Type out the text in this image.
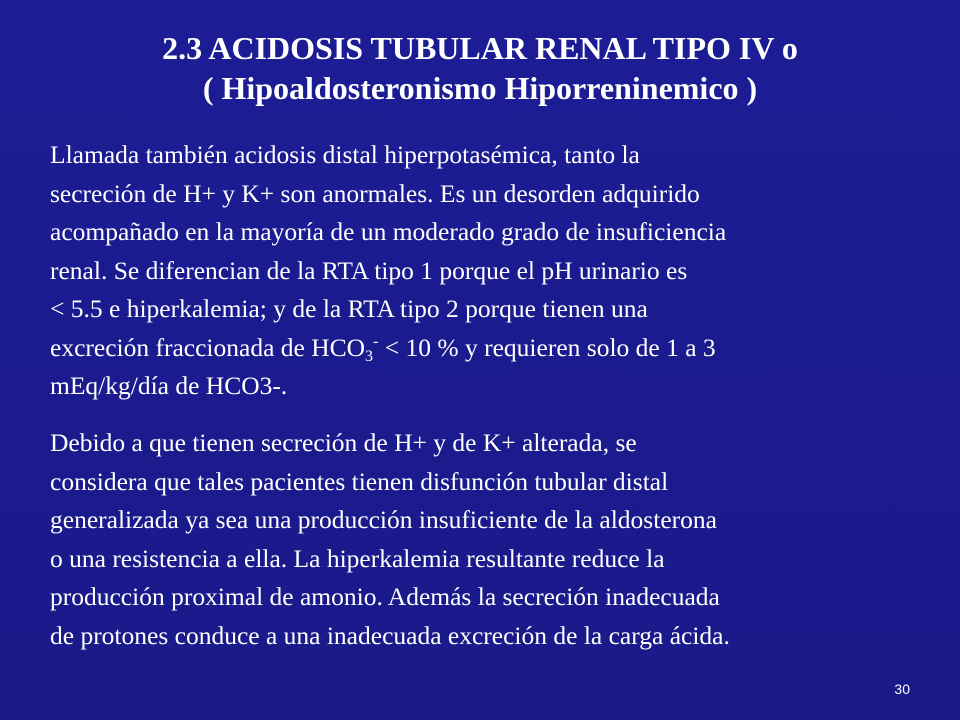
2.3 ACIDOSIS TUBULAR RENAL TIPO IV o
( Hipoaldosteronismo Hiporreninemico )
Llamada también acidosis distal hiperpotasémica, tanto la
secreción de H+ y K+ son anormales. Es un desorden adquirido
acompañado en la mayoría de un moderado grado de insuficiencia
renal. Se diferencian de la RTA tipo 1 porque el pH urinario es
< 5.5 e hiperkalemia; y de la RTA tipo 2 porque tienen una
excreción fraccionada de $HCO_3^- < 10$ % y requieren solo de 1 a 3
mEq/kg/día de HCO3-.
Debido a que tienen secreción de H+ y de K+ alterada, se
considera que tales pacientes tienen disfunción tubular distal
generalizada ya sea una producción insuficiente de la aldosterona
o una resistencia a ella. La hiperkalemia resultante reduce la
producción proximal de amonio. Además la secreción inadecuada
de protones conduce a una inadecuada excreción de la carga ácida.
30
